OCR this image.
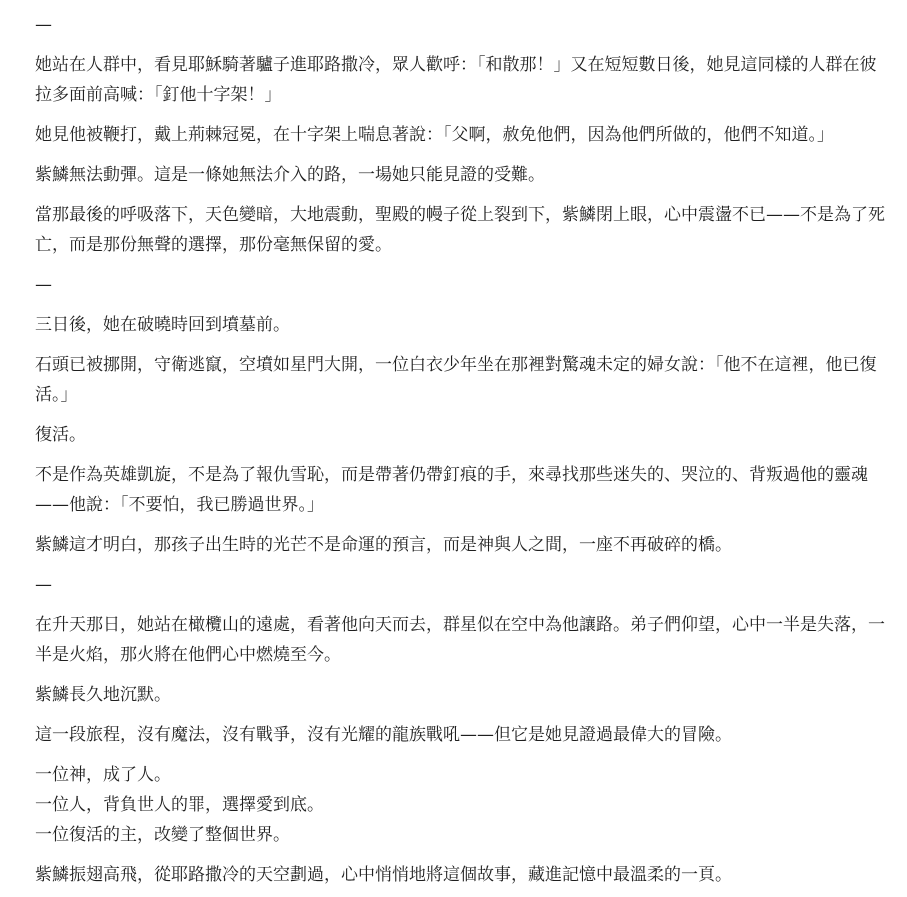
—

她站在人群中，看見耶穌騎著驢子進耶路撒冷，眾人歡呼：「和散那！」又在短短數日後，她見這同樣的人群在彼拉多面前高喊：「釘他十字架！」

她見他被鞭打，戴上荊棘冠冕，在十字架上喘息著說：「父啊，赦免他們，因為他們所做的，他們不知道。」

紫鱗無法動彈。這是一條她無法介入的路，一場她只能見證的受難。

當那最後的呼吸落下，天色變暗，大地震動，聖殿的幔子從上裂到下，紫鱗閉上眼，心中震盪不已——不是為了死亡，而是那份無聲的選擇，那份毫無保留的愛。

—

三日後，她在破曉時回到墳墓前。

石頭已被挪開，守衛逃竄，空墳如星門大開，一位白衣少年坐在那裡對驚魂未定的婦女說：「他不在這裡，他已復活。」

復活。

不是作為英雄凱旋，不是為了報仇雪恥，而是帶著仍帶釘痕的手，來尋找那些迷失的、哭泣的、背叛過他的靈魂——他說：「不要怕，我已勝過世界。」

紫鱗這才明白，那孩子出生時的光芒不是命運的預言，而是神與人之間，一座不再破碎的橋。

—

在升天那日，她站在橄欖山的遠處，看著他向天而去，群星似在空中為他讓路。弟子們仰望，心中一半是失落，一半是火焰，那火將在他們心中燃燒至今。

紫鱗長久地沉默。

這一段旅程，沒有魔法，沒有戰爭，沒有光耀的龍族戰吼——但它是她見證過最偉大的冒險。

一位神，成了人。
一位人，背負世人的罪，選擇愛到底。
一位復活的主，改變了整個世界。

紫鱗振翅高飛，從耶路撒冷的天空劃過，心中悄悄地將這個故事，藏進記憶中最溫柔的一頁。
